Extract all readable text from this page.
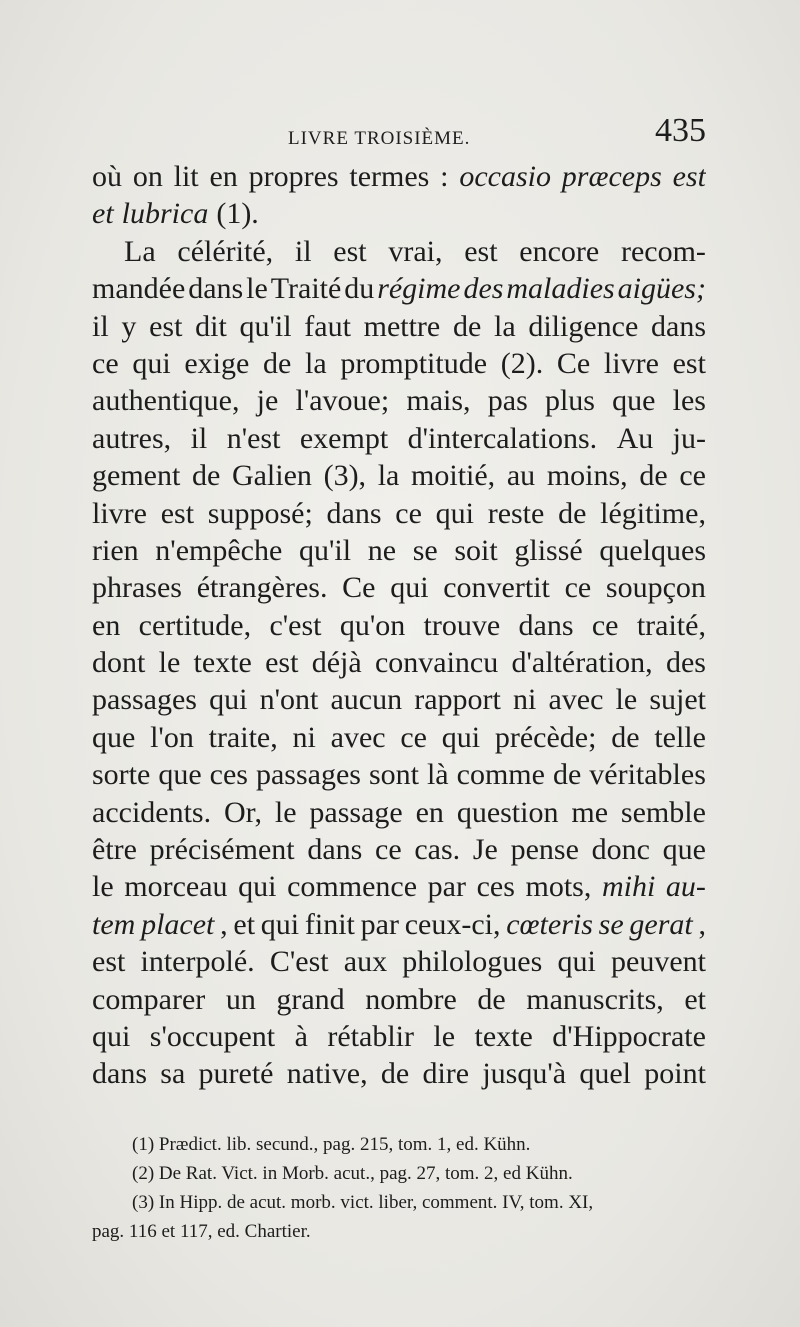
LIVRE TROISIÈME.	435
où on lit en propres termes : occasio præceps est
et lubrica (1).
La célérité, il est vrai, est encore recom-
mandée dans le Traité du régime des maladies aigües;
il y est dit qu'il faut mettre de la diligence dans
ce qui exige de la promptitude (2). Ce livre est
authentique, je l'avoue; mais, pas plus que les
autres, il n'est exempt d'intercalations. Au ju-
gement de Galien (3), la moitié, au moins, de ce
livre est supposé; dans ce qui reste de légitime,
rien n'empêche qu'il ne se soit glissé quelques
phrases étrangères. Ce qui convertit ce soupçon
en certitude, c'est qu'on trouve dans ce traité,
dont le texte est déjà convaincu d'altération, des
passages qui n'ont aucun rapport ni avec le sujet
que l'on traite, ni avec ce qui précède; de telle
sorte que ces passages sont là comme de véritables
accidents. Or, le passage en question me semble
être précisément dans ce cas. Je pense donc que
le morceau qui commence par ces mots, mihi au-
tem placet , et qui finit par ceux-ci, cœteris se gerat ,
est interpolé. C'est aux philologues qui peuvent
comparer un grand nombre de manuscrits, et
qui s'occupent à rétablir le texte d'Hippocrate
dans sa pureté native, de dire jusqu'à quel point
(1) Prædict. lib. secund., pag. 215, tom. 1, ed. Kühn.
(2) De Rat. Vict. in Morb. acut., pag. 27, tom. 2, ed Kühn.
(3) In Hipp. de acut. morb. vict. liber, comment. IV, tom. XI,
pag. 116 et 117, ed. Chartier.
